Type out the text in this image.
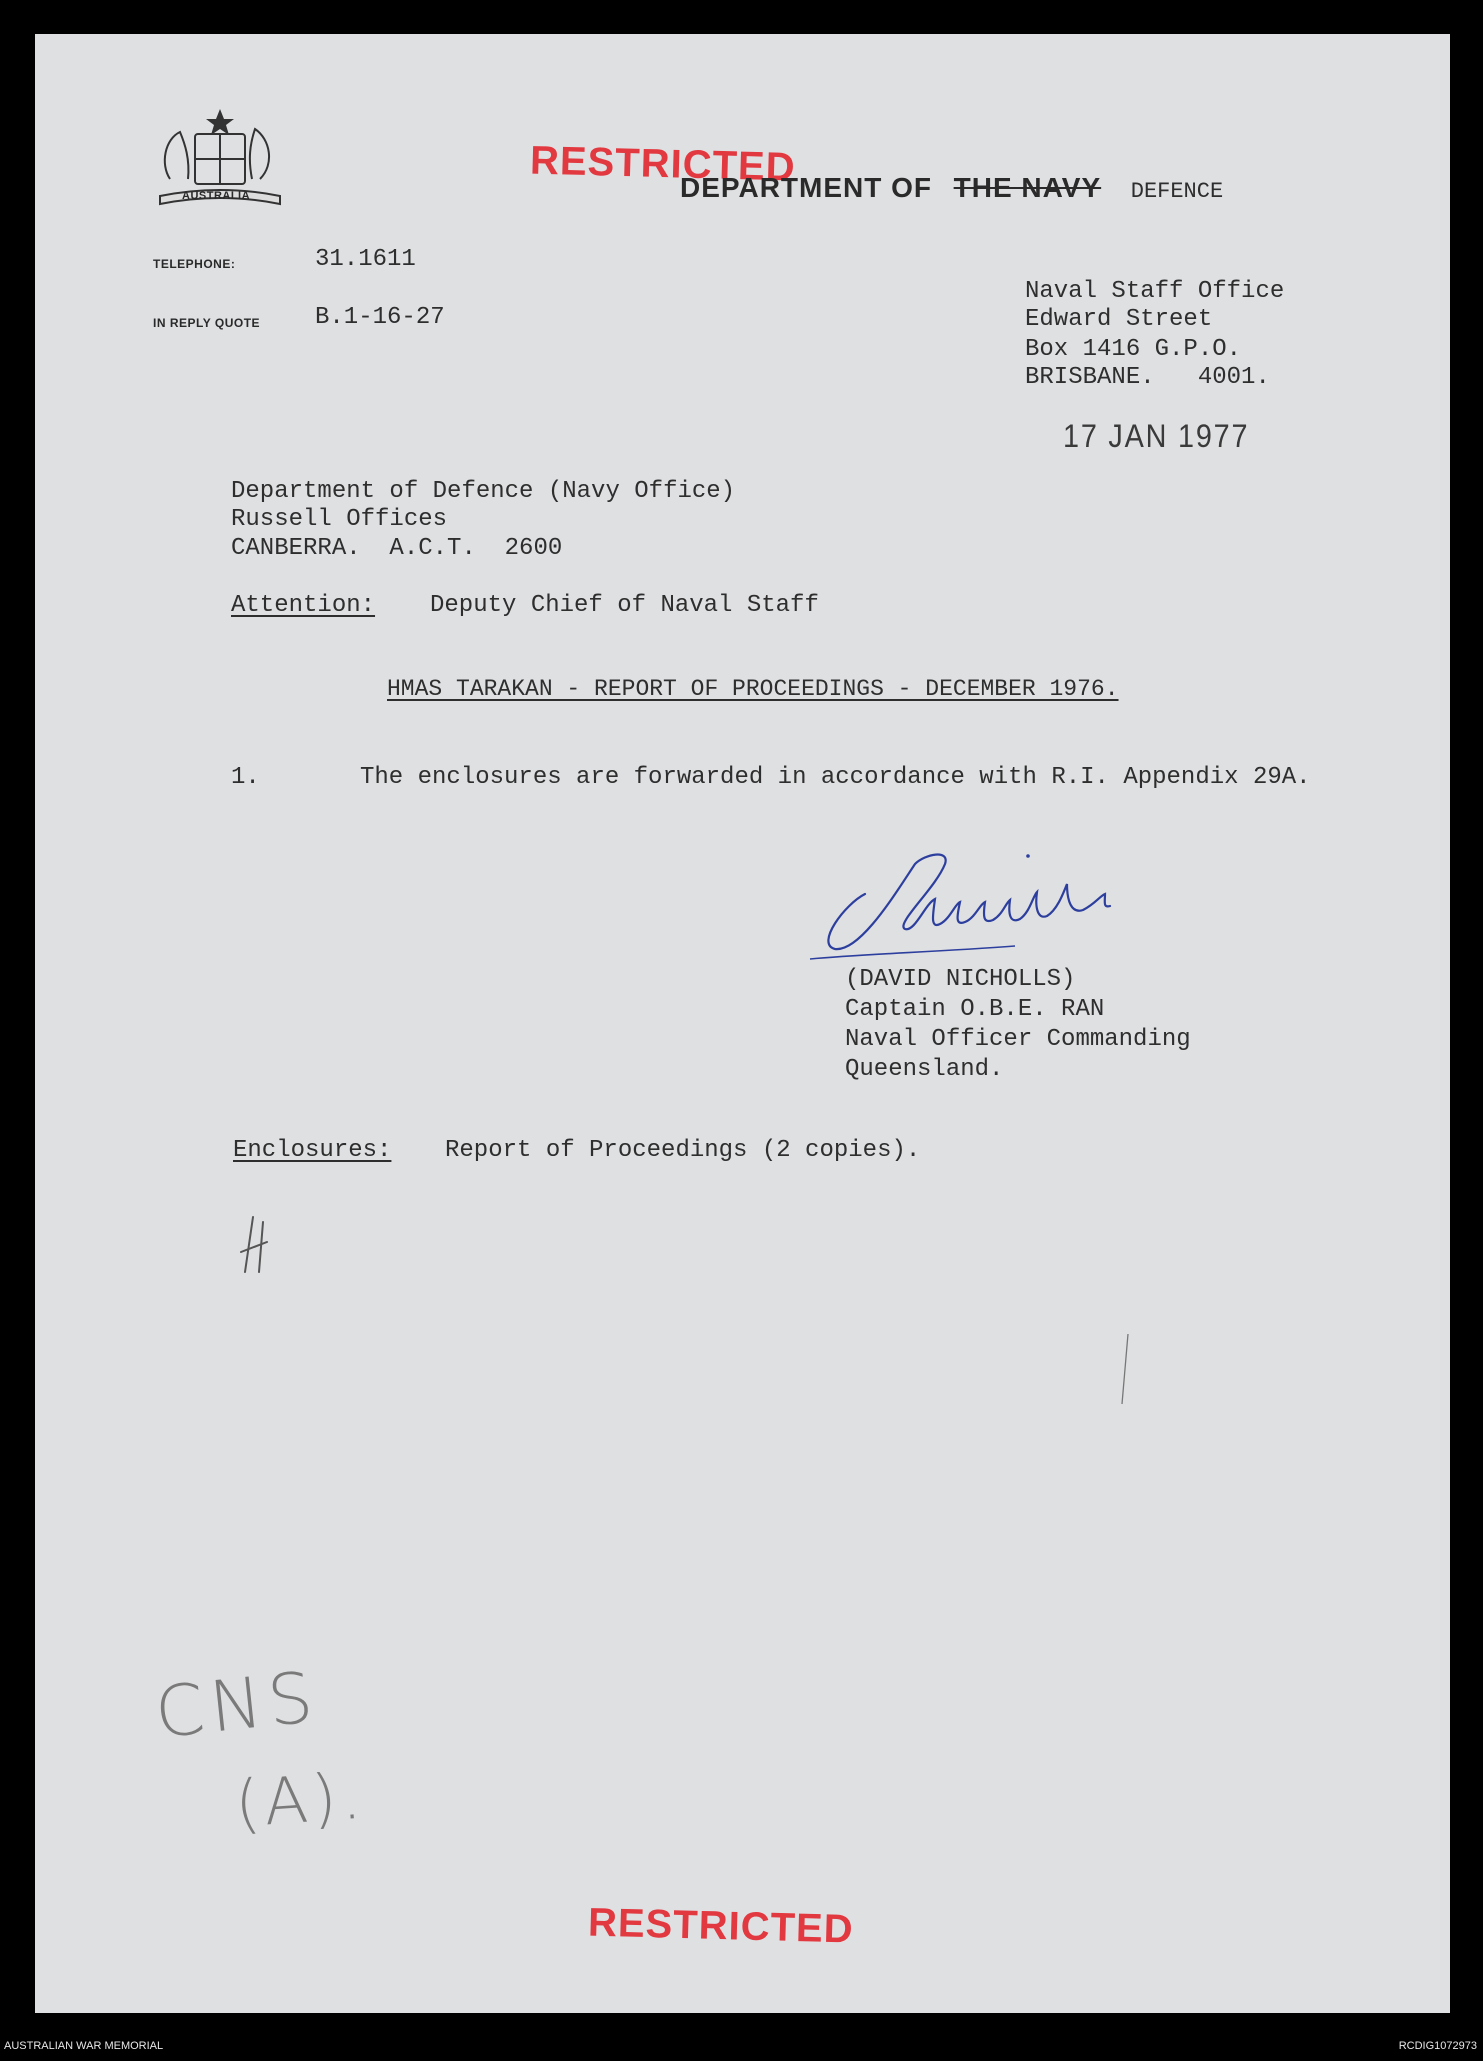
AUSTRALIA
RESTRICTED
DEPARTMENT OF THE NAVY DEFENCE
TELEPHONE:	31.1611
IN REPLY QUOTE B.1-16-27
Naval Staff Office
Edward Street
Box 1416 G.P.O.
BRISBANE.   4001.
17 JAN 1977
Department of Defence (Navy Office)
Russell Offices
CANBERRA.  A.C.T.  2600
Attention: Deputy Chief of Naval Staff
HMAS TARAKAN - REPORT OF PROCEEDINGS - DECEMBER 1976.
1.	The enclosures are forwarded in accordance with R.I. Appendix 29A.
(DAVID NICHOLLS)
Captain O.B.E. RAN
Naval Officer Commanding
Queensland.
Enclosures: Report of Proceedings (2 copies).
CNS
(A).
RESTRICTED
AUSTRALIAN WAR MEMORIAL	RCDIG1072973
